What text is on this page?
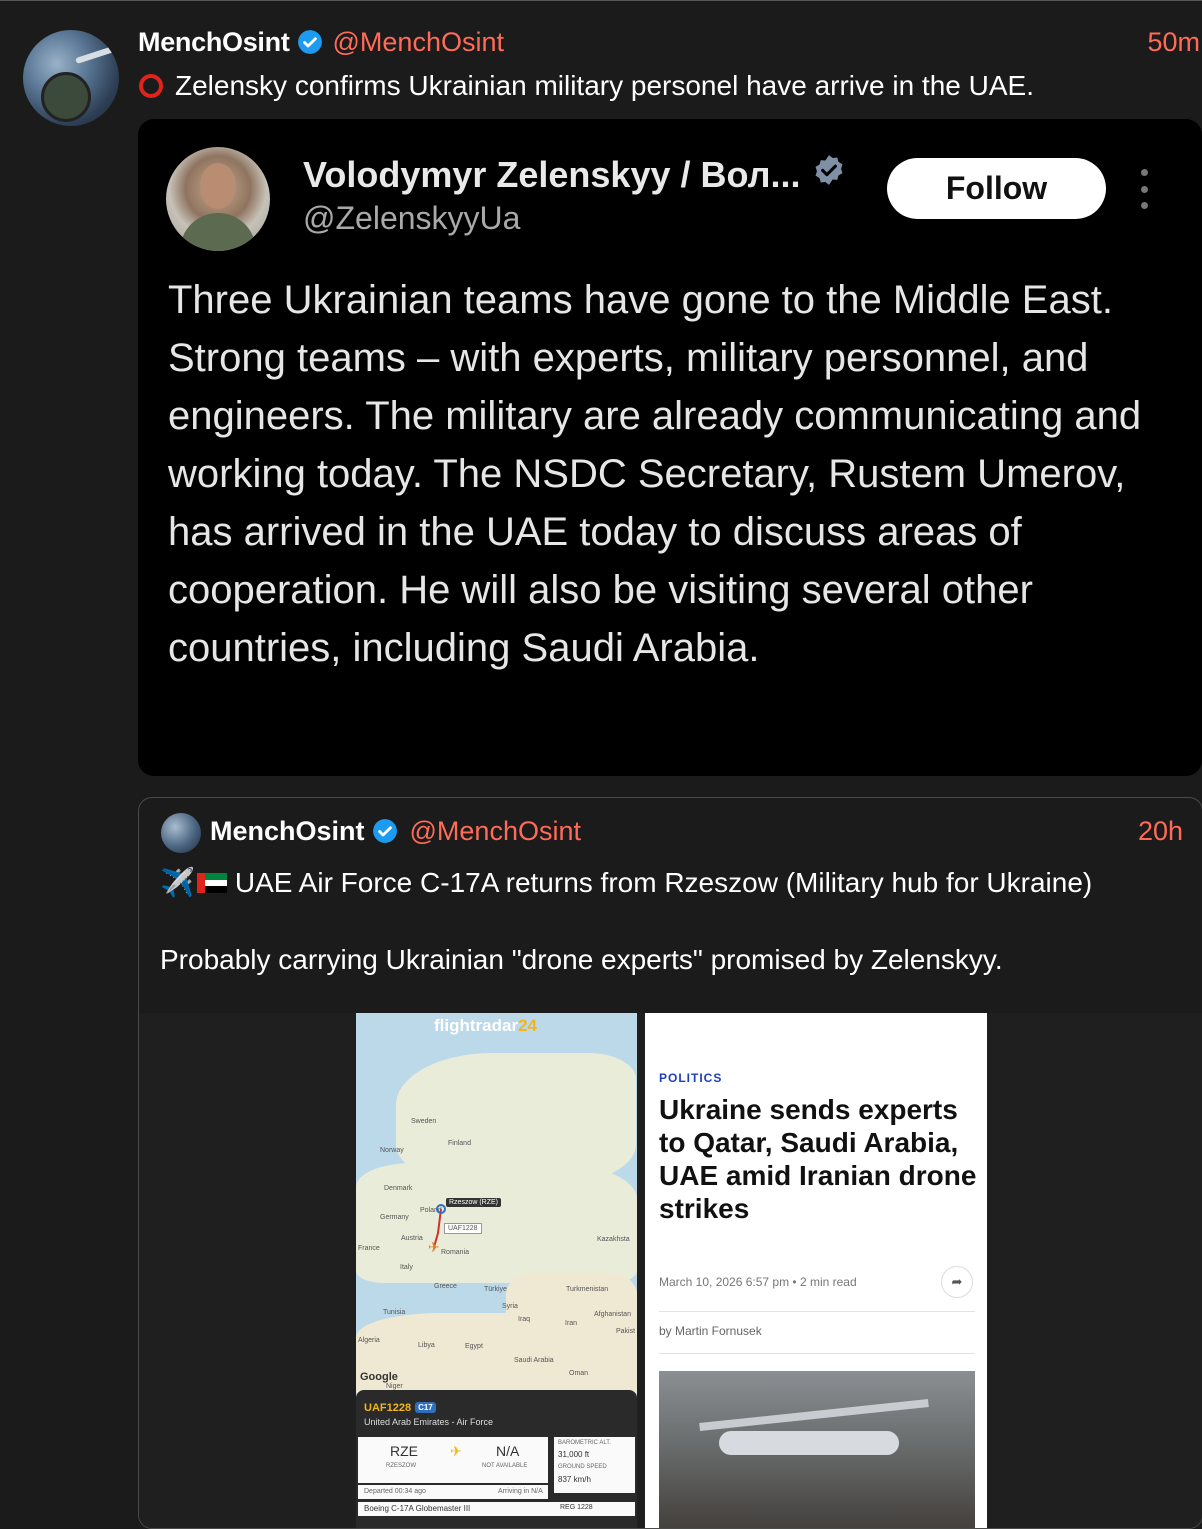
MenchOsint @MenchOsint	50m
Zelensky confirms Ukrainian military personel have arrive in the UAE.
Volodymyr Zelenskyy / Вол...
@ZelenskyyUa
Follow
Three Ukrainian teams have gone to the Middle East. Strong teams – with experts, military personnel, and engineers. The military are already communicating and working today. The NSDC Secretary, Rustem Umerov, has arrived in the UAE today to discuss areas of cooperation. He will also be visiting several other countries, including Saudi Arabia.
MenchOsint @MenchOsint	20h
✈️ UAE Air Force C-17A returns from Rzeszow (Military hub for Ukraine)
Probably carrying Ukrainian "drone experts" promised by Zelenskyy.
flightradar24
Sweden
Finland
Norway
Denmark
Poland
Germany
Austria
Romania
France
Italy
Greece	Türkiye
Syria
Iraq
Iran
Tunisia
Libya	Egypt
Algeria
Saudi Arabia
Oman
Kazakhsta
Turkmenistan
Afghanistan
Pakist
Niger
Rzeszow (RZE)
UAF1228
✈
Google
UAF1228 C17
United Arab Emirates - Air Force
RZE
RZESZOW
✈ N/A
NOT AVAILABLE
BAROMETRIC ALT.
31,000 ft
GROUND SPEED
837 km/h
Departed 00:34 ago	Arriving in N/A
Boeing C-17A Globemaster III	REG 1228
POLITICS
Ukraine sends experts to Qatar, Saudi Arabia, UAE amid Iranian drone strikes
March 10, 2026 6:57 pm • 2 min read	➦
by Martin Fornusek
